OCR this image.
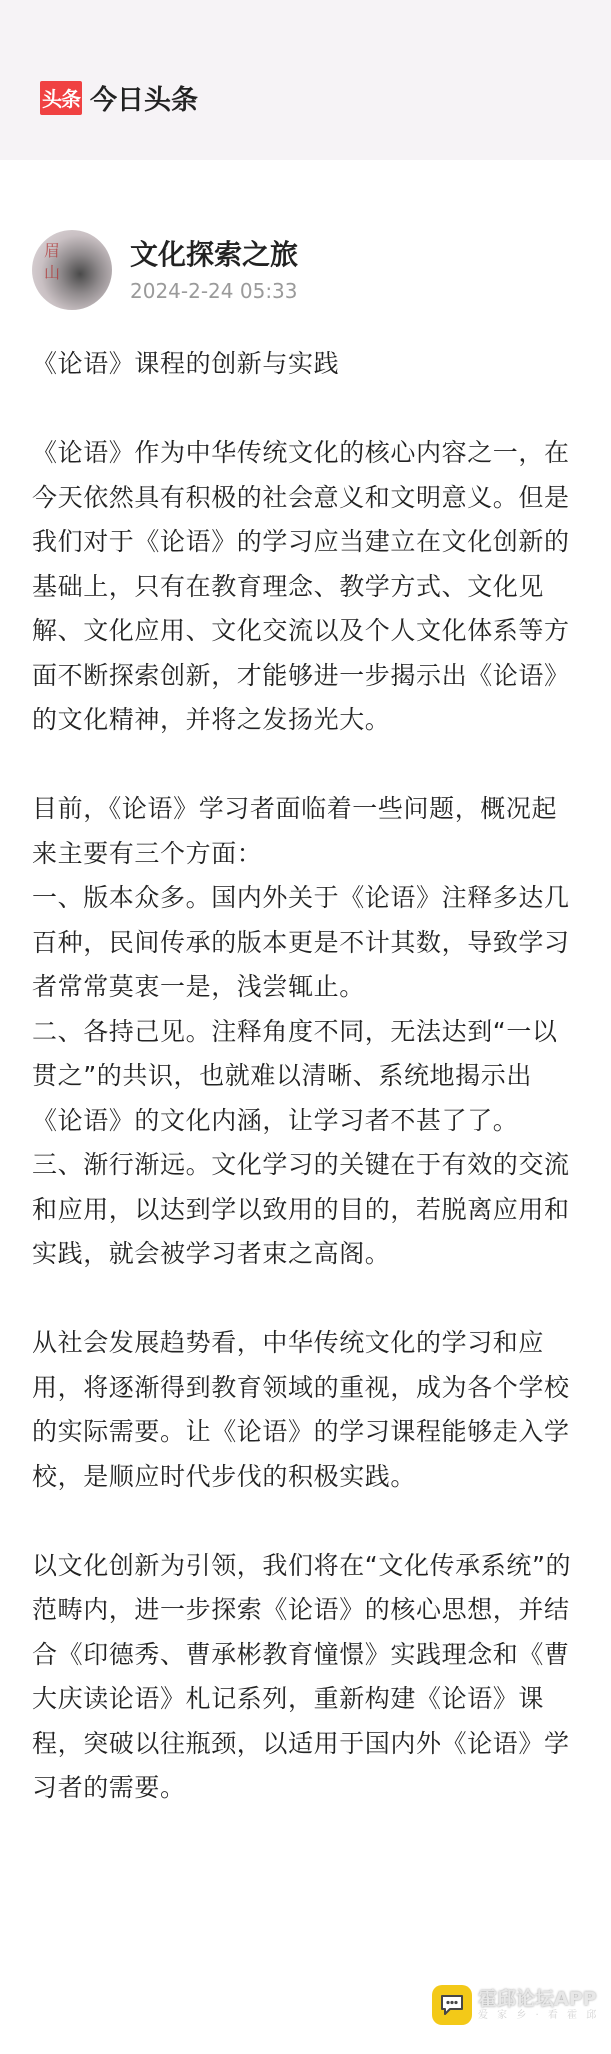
头条 今日头条
眉山
文化探索之旅
2024-2-24 05:33

《论语》课程的创新与实践

《论语》作为中华传统文化的核心内容之一，在今天依然具有积极的社会意义和文明意义。但是我们对于《论语》的学习应当建立在文化创新的基础上，只有在教育理念、教学方式、文化见解、文化应用、文化交流以及个人文化体系等方面不断探索创新，才能够进一步揭示出《论语》的文化精神，并将之发扬光大。

目前，《论语》学习者面临着一些问题，概况起来主要有三个方面：
一、版本众多。国内外关于《论语》注释多达几百种，民间传承的版本更是不计其数，导致学习者常常莫衷一是，浅尝辄止。
二、各持己见。注释角度不同，无法达到“一以贯之”的共识，也就难以清晰、系统地揭示出《论语》的文化内涵，让学习者不甚了了。
三、渐行渐远。文化学习的关键在于有效的交流和应用，以达到学以致用的目的，若脱离应用和实践，就会被学习者束之高阁。

从社会发展趋势看，中华传统文化的学习和应用，将逐渐得到教育领域的重视，成为各个学校的实际需要。让《论语》的学习课程能够走入学校，是顺应时代步伐的积极实践。

以文化创新为引领，我们将在“文化传承系统”的范畴内，进一步探索《论语》的核心思想，并结合《印德秀、曹承彬教育憧憬》实践理念和《曹大庆读论语》札记系列，重新构建《论语》课程，突破以往瓶颈，以适用于国内外《论语》学习者的需要。

霍邱论坛APP
爱 家 乡 · 看 霍 邱
